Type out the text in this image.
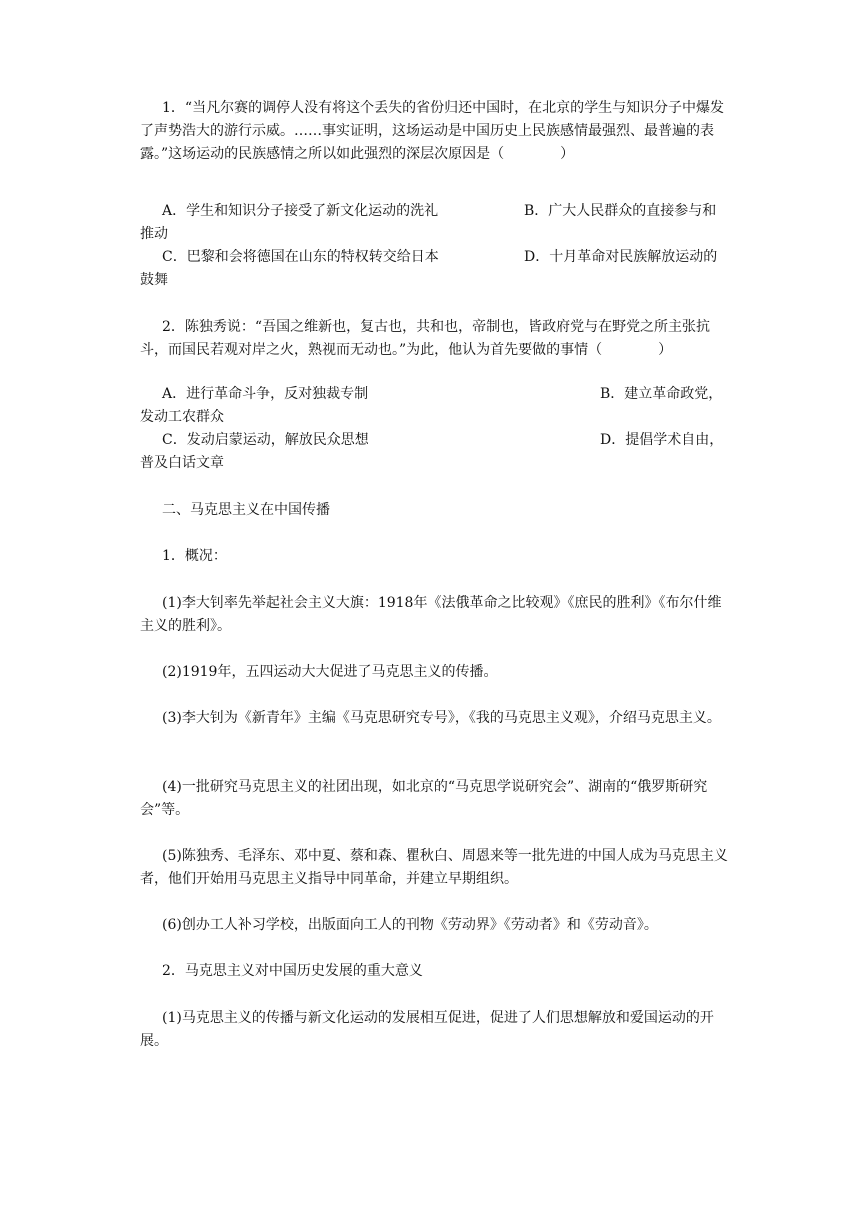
1．“当凡尔赛的调停人没有将这个丢失的省份归还中国时，在北京的学生与知识分子中爆发了声势浩大的游行示威。……事实证明，这场运动是中国历史上民族感情最强烈、最普遍的表露。”这场运动的民族感情之所以如此强烈的深层次原因是（　　　　）

A．学生和知识分子接受了新文化运动的洗礼	B．广大人民群众的直接参与和
推动
C．巴黎和会将德国在山东的特权转交给日本	D．十月革命对民族解放运动的
鼓舞

2．陈独秀说：“吾国之维新也，复古也，共和也，帝制也，皆政府党与在野党之所主张抗斗，而国民若观对岸之火，熟视而无动也。”为此，他认为首先要做的事情（　　　　）

A．进行革命斗争，反对独裁专制	B．建立革命政党，
发动工农群众
C．发动启蒙运动，解放民众思想	D．提倡学术自由，
普及白话文章

二、马克思主义在中国传播

1．概况：

(1)李大钊率先举起社会主义大旗：1918年《法俄革命之比较观》《庶民的胜利》《布尔什维主义的胜利》。

(2)1919年，五四运动大大促进了马克思主义的传播。

(3)李大钊为《新青年》主编《马克思研究专号》，《我的马克思主义观》，介绍马克思主义。

(4)一批研究马克思主义的社团出现，如北京的“马克思学说研究会”、湖南的“俄罗斯研究会”等。

(5)陈独秀、毛泽东、邓中夏、蔡和森、瞿秋白、周恩来等一批先进的中国人成为马克思主义者，他们开始用马克思主义指导中同革命，并建立早期组织。

(6)创办工人补习学校，出版面向工人的刊物《劳动界》《劳动者》和《劳动音》。

2．马克思主义对中国历史发展的重大意义

(1)马克思主义的传播与新文化运动的发展相互促进，促进了人们思想解放和爱国运动的开展。
